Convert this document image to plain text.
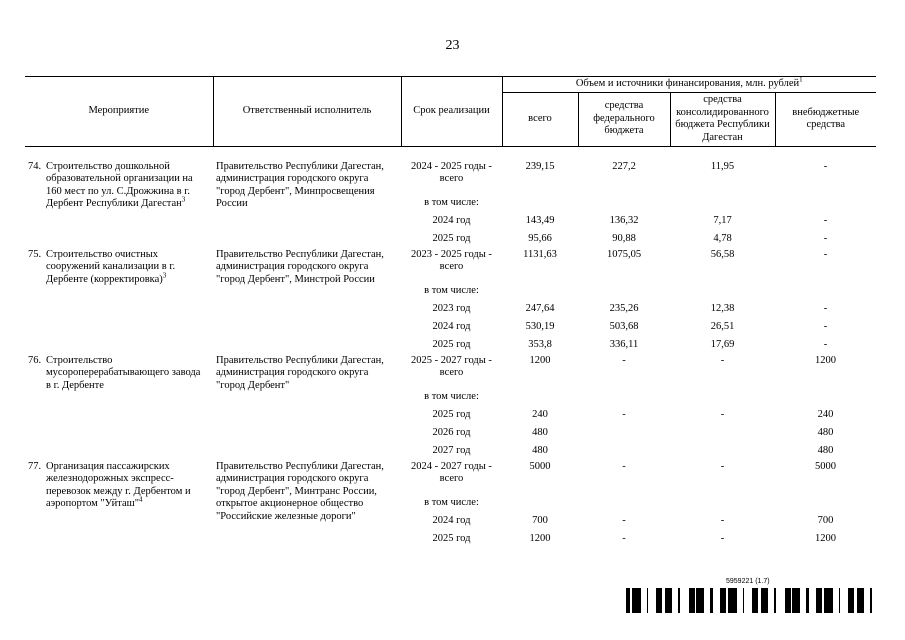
23
Мероприятие	Ответственный исполнитель	Срок реализации	Объем и источники финансирования, млн. рублей$^1$
			всего	средства федерального бюджета	средства консолидированного бюджета Республики Дагестан	внебюджетные средства

74. Строительство дошкольной образовательной организации на 160 мест по ул. С.Дрожжина в г. Дербент Республики Дагестан$^3$	Правительство Республики Дагестан, администрация городского округа "город Дербент", Минпросвещения России	2024 - 2025 годы - всего	239,15	227,2	11,95	-
		в том числе:				
		2024 год	143,49	136,32	7,17	-
		2025 год	95,66	90,88	4,78	-
75. Строительство очистных сооружений канализации в г. Дербенте (корректировка)$^3$	Правительство Республики Дагестан, администрация городского округа "город Дербент", Минстрой России	2023 - 2025 годы - всего	1131,63	1075,05	56,58	-
		в том числе:				
		2023 год	247,64	235,26	12,38	-
		2024 год	530,19	503,68	26,51	-
		2025 год	353,8	336,11	17,69	-
76. Строительство мусороперерабатывающего завода в г. Дербенте	Правительство Республики Дагестан, администрация городского округа "город Дербент"	2025 - 2027 годы - всего	1200	-	-	1200
		в том числе:				
		2025 год	240	-	-	240
		2026 год	480			480
		2027 год	480			480
77. Организация пассажирских железнодорожных экспресс-перевозок между г. Дербентом и аэропортом "Уйташ"$^4$	Правительство Республики Дагестан, администрация городского округа "город Дербент", Минтранс России, открытое акционерное общество "Российские железные дороги"	2024 - 2027 годы - всего	5000	-	-	5000
		в том числе:				
		2024 год	700	-	-	700
		2025 год	1200	-	-	1200
5959221 (1.7)
